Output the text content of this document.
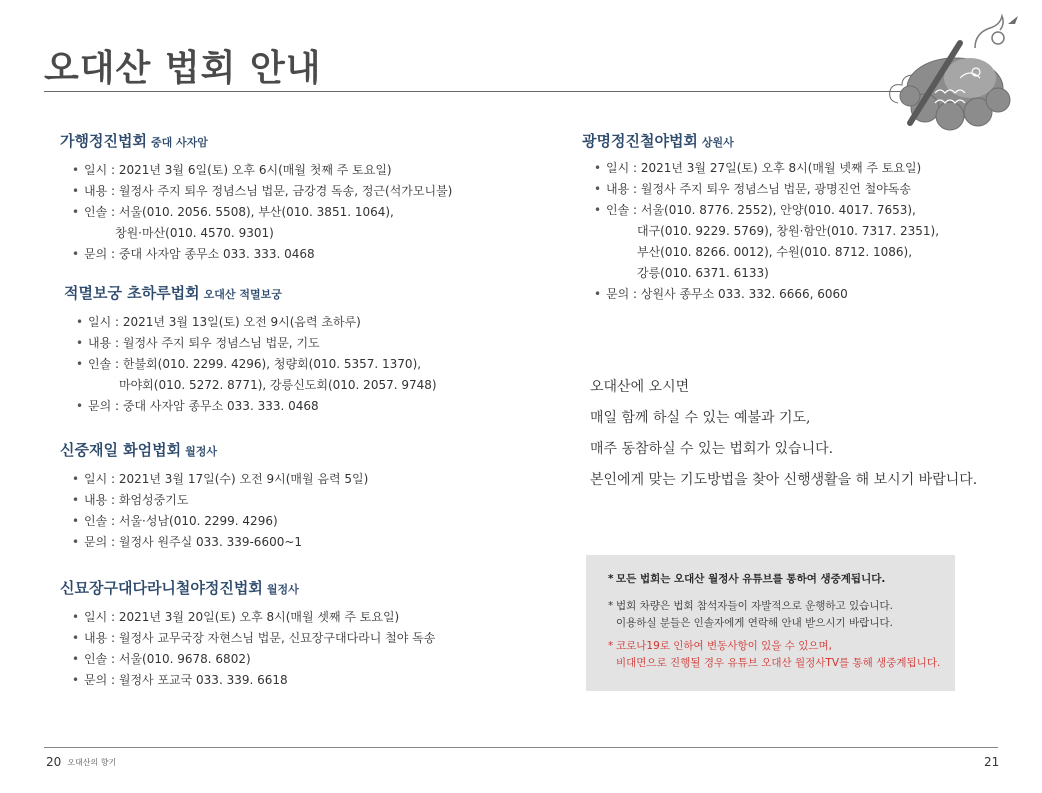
오대산 법회 안내
가행정진법회 중대 사자암
• 일시 : 2021년 3월 6일(토) 오후 6시(매월 첫째 주 토요일)
• 내용 : 월정사 주지 퇴우 정념스님 법문, 금강경 독송, 정근(석가모니불)
• 인솔 : 서울(010. 2056. 5508), 부산(010. 3851. 1064),
창원·마산(010. 4570. 9301)
• 문의 : 중대 사자암 종무소 033. 333. 0468
적멸보궁 초하루법회 오대산 적멸보궁
• 일시 : 2021년 3월 13일(토) 오전 9시(음력 초하루)
• 내용 : 월정사 주지 퇴우 정념스님 법문, 기도
• 인솔 : 한불회(010. 2299. 4296), 청량회(010. 5357. 1370),
마야회(010. 5272. 8771), 강릉신도회(010. 2057. 9748)
• 문의 : 중대 사자암 종무소 033. 333. 0468
신중재일 화엄법회 월정사
• 일시 : 2021년 3월 17일(수) 오전 9시(매월 음력 5일)
• 내용 : 화엄성중기도
• 인솔 : 서울·성남(010. 2299. 4296)
• 문의 : 월정사 원주실 033. 339-6600~1
신묘장구대다라니철야정진법회 월정사
• 일시 : 2021년 3월 20일(토) 오후 8시(매월 셋째 주 토요일)
• 내용 : 월정사 교무국장 자현스님 법문, 신묘장구대다라니 철야 독송
• 인솔 : 서울(010. 9678. 6802)
• 문의 : 월정사 포교국 033. 339. 6618
광명정진철야법회 상원사
• 일시 : 2021년 3월 27일(토) 오후 8시(매월 넷째 주 토요일)
• 내용 : 월정사 주지 퇴우 정념스님 법문, 광명진언 철야독송
• 인솔 : 서울(010. 8776. 2552), 안양(010. 4017. 7653),
대구(010. 9229. 5769), 창원·함안(010. 7317. 2351),
부산(010. 8266. 0012), 수원(010. 8712. 1086),
강릉(010. 6371. 6133)
• 문의 : 상원사 종무소 033. 332. 6666, 6060

오대산에 오시면

매일 함께 하실 수 있는 예불과 기도,

매주 동참하실 수 있는 법회가 있습니다.

본인에게 맞는 기도방법을 찾아 신행생활을 해 보시기 바랍니다.

* 모든 법회는 오대산 월정사 유튜브를 통하여 생중계됩니다.

* 법회 차량은 법회 참석자들이 자발적으로 운행하고 있습니다.

이용하실 분들은 인솔자에게 연락해 안내 받으시기 바랍니다.

* 코로나19로 인하여 변동사항이 있을 수 있으며,

비대면으로 진행될 경우 유튜브 오대산 월정사TV를 통해 생중계됩니다.

20 오대산의 향기	21
